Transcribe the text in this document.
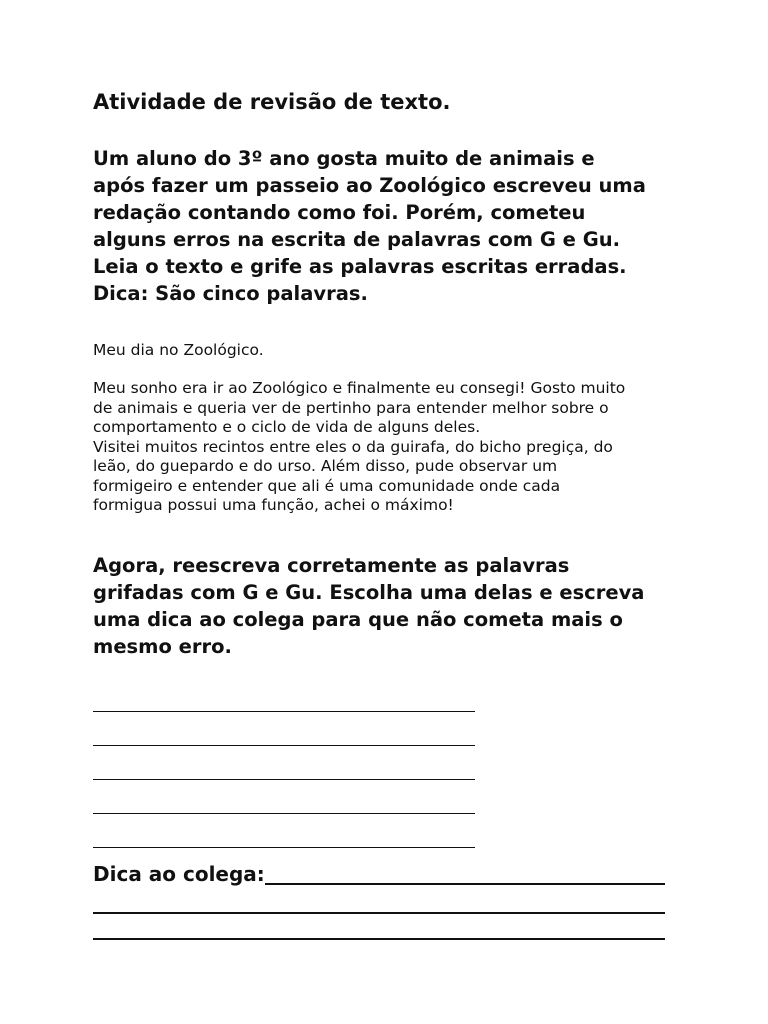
Atividade de revisão de texto.
Um aluno do 3º ano gosta muito de animais e
após fazer um passeio ao Zoológico escreveu uma
redação contando como foi. Porém, cometeu
alguns erros na escrita de palavras com G e Gu.
Leia o texto e grife as palavras escritas erradas.
Dica: São cinco palavras.
Meu dia no Zoológico.
Meu sonho era ir ao Zoológico e finalmente eu consegi! Gosto muito
de animais e queria ver de pertinho para entender melhor sobre o
comportamento e o ciclo de vida de alguns deles.
Visitei muitos recintos entre eles o da guirafa, do bicho pregiça, do
leão, do guepardo e do urso. Além disso, pude observar um
formigeiro e entender que ali é uma comunidade onde cada
formigua possui uma função, achei o máximo!
Agora, reescreva corretamente as palavras
grifadas com G e Gu. Escolha uma delas e escreva
uma dica ao colega para que não cometa mais o
mesmo erro.
Dica ao colega:
